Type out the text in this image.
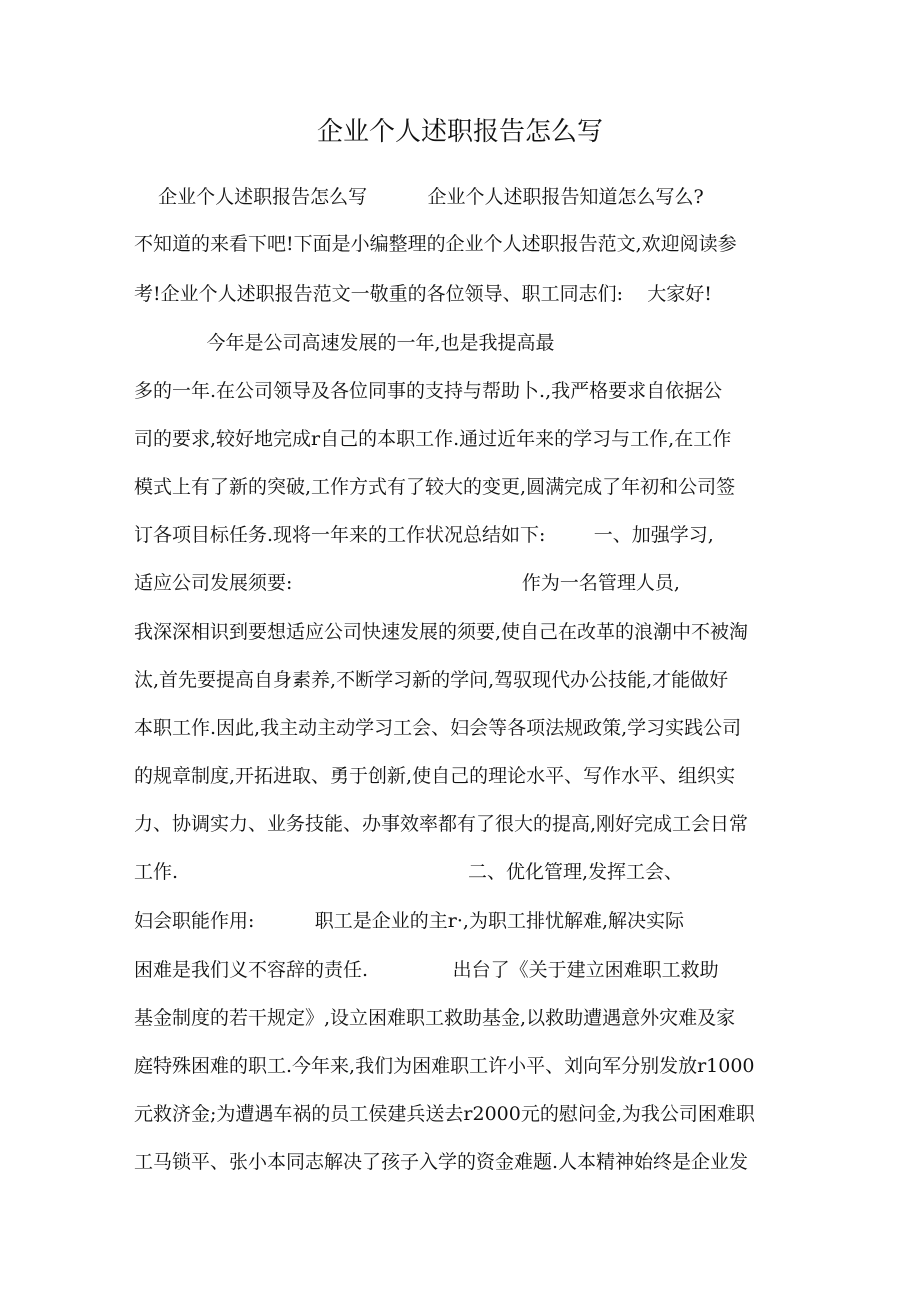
企业个人述职报告怎么写
企业个人述职报告怎么写          企业个人述职报告知道怎么写么?
不知道的来看下吧!下面是小编整理的企业个人述职报告范文,欢迎阅读参
考!企业个人述职报告范文一敬重的各位领导、职工同志们:    大家好!
今年是公司高速发展的一年,也是我提高最
多的一年.在公司领导及各位同事的支持与帮助卜.,我严格要求自依据公
司的要求,较好地完成r自己的本职工作.通过近年来的学习与工作,在工作
模式上有了新的突破,工作方式有了较大的变更,圆满完成了年初和公司签
订各项目标任务.现将一年来的工作状况总结如下:        一、加强学习,
适应公司发展须要:                                      作为一名管理人员,
我深深相识到要想适应公司快速发展的须要,使自己在改革的浪潮中不被淘
汰,首先要提高自身素养,不断学习新的学问,驾驭现代办公技能,才能做好
本职工作.因此,我主动主动学习工会、妇会等各项法规政策,学习实践公司
的规章制度,开拓进取、勇于创新,使自己的理论水平、写作水平、组织实
力、协调实力、业务技能、办事效率都有了很大的提高,刚好完成工会日常
工作.                                                二、优化管理,发挥工会、
妇会职能作用:          职工是企业的主r·,为职工排忧解难,解决实际
困难是我们义不容辞的责任.              出台了《关于建立困难职工救助
基金制度的若干规定》,设立困难职工救助基金,以救助遭遇意外灾难及家
庭特殊困难的职工.今年来,我们为困难职工许小平、刘向军分别发放r1000
元救济金;为遭遇车祸的员工侯建兵送去r2000元的慰问金,为我公司困难职
工马锁平、张小本同志解决了孩子入学的资金难题.人本精神始终是企业发
